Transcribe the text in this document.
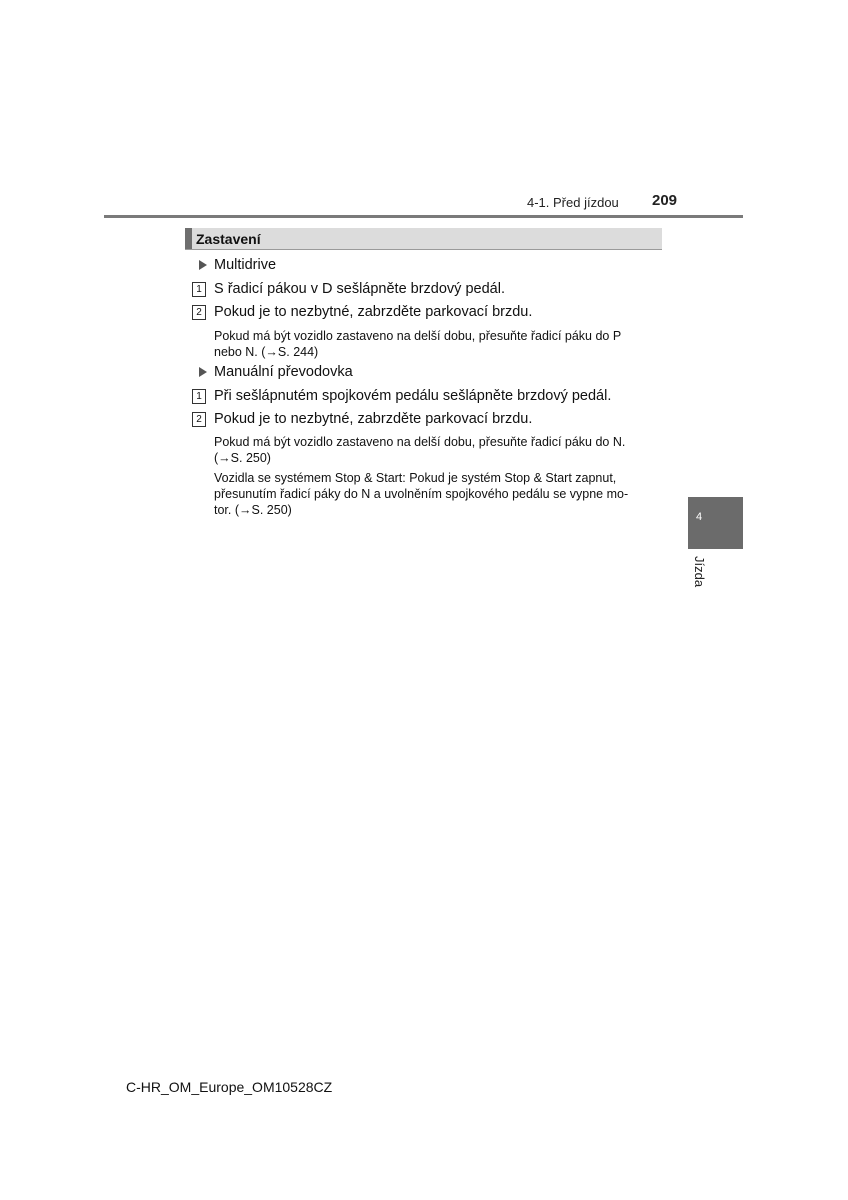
4-1. Před jízdou 209
Zastavení
Multidrive
1 S řadicí pákou v D sešlápněte brzdový pedál.
2 Pokud je to nezbytné, zabrzděte parkovací brzdu.
Pokud má být vozidlo zastaveno na delší dobu, přesuňte řadicí páku do P
nebo N. (→S. 244)
Manuální převodovka
1 Při sešlápnutém spojkovém pedálu sešlápněte brzdový pedál.
2 Pokud je to nezbytné, zabrzděte parkovací brzdu.
Pokud má být vozidlo zastaveno na delší dobu, přesuňte řadicí páku do N.
(→S. 250)
Vozidla se systémem Stop & Start: Pokud je systém Stop & Start zapnut,
přesunutím řadicí páky do N a uvolněním spojkového pedálu se vypne mo-
tor. (→S. 250)	4
Jízda
C-HR_OM_Europe_OM10528CZ
